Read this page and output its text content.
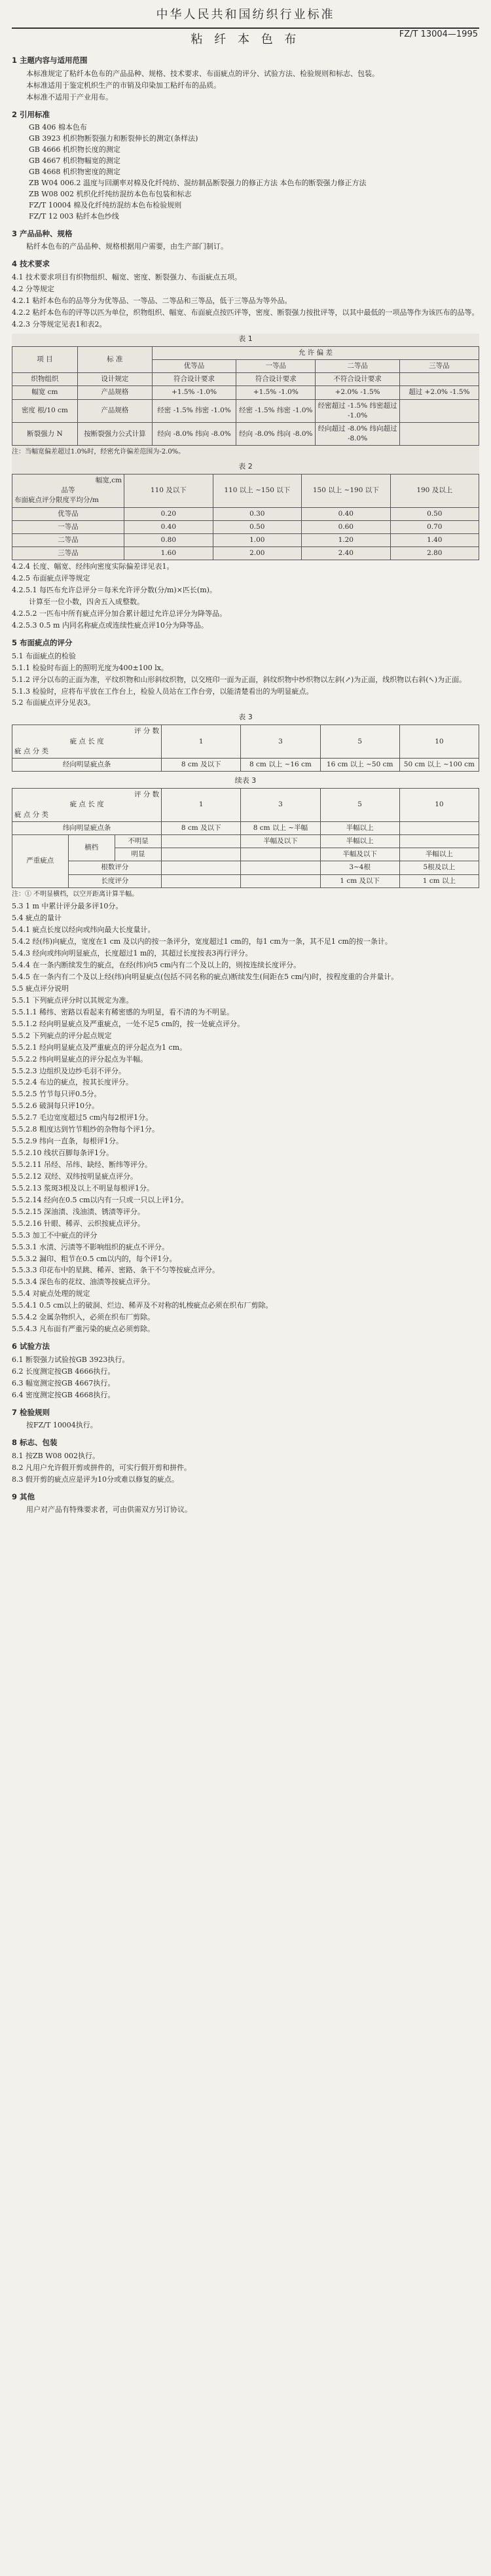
中华人民共和国纺织行业标准
FZ/T 13004—1995
粘 纤 本 色 布
1 主题内容与适用范围

本标准规定了粘纤本色布的产品品种、规格、技术要求、布面疵点的评分、试验方法、检验规则和标志、包装。

本标准适用于鉴定机织生产的市销及印染加工粘纤布的品质。

本标准不适用于产业用布。

2 引用标准
GB 406 棉本色布
GB 3923 机织物断裂强力和断裂伸长的测定(条样法)
GB 4666 机织物长度的测定
GB 4667 机织物幅宽的测定
GB 4668 机织物密度的测定
ZB W04 006.2 温度与回潮率对棉及化纤纯纺、混纺制品断裂强力的修正方法 本色布的断裂强力修正方法
ZB W08 002 机织化纤纯纺混纺本色布包装和标志
FZ/T 10004 棉及化纤纯纺混纺本色布检验规则
FZ/T 12 003 粘纤本色纱线
3 产品品种、规格

粘纤本色布的产品品种、规格根据用户需要，由生产部门制订。

4 技术要求
4.1 技术要求项目有织物组织、幅宽、密度、断裂强力、布面疵点五项。
4.2 分等规定
4.2.1 粘纤本色布的品等分为优等品、一等品、二等品和三等品，低于三等品为等外品。
4.2.2 粘纤本色布的评等以匹为单位，织物组织、幅宽、布面疵点按匹评等，密度、断裂强力按批评等，以其中最低的一项品等作为该匹布的品等。
4.2.3 分等规定见表1和表2。
表 1
项 目	标 准	允 许 偏 差			
		优等品	一等品	二等品	三等品
织物组织	设计规定	符合设计要求	符合设计要求	不符合设计要求	
幅宽 cm	产品规格	+1.5% -1.0%	+1.5% -1.0%	+2.0% -1.5%	超过 +2.0% -1.5%
密度 根/10 cm	产品规格	经密 -1.5% 纬密 -1.0%	经密 -1.5% 纬密 -1.0%	经密超过 -1.5% 纬密超过 -1.0%	
断裂强力 N	按断裂强力公式计算	经向 -8.0% 纬向 -8.0%	经向 -8.0% 纬向 -8.0%	经向超过 -8.0% 纬向超过 -8.0%	
注：当幅宽偏差超过1.0%时，经密允许偏差范围为-2.0%。
表 2
幅宽,cm
品等
布面疵点评分限度平均分/m	110 及以下	110 以上 ~150 以下	150 以上 ~190 以下	190 及以上
优等品	0.20	0.30	0.40	0.50
一等品	0.40	0.50	0.60	0.70
二等品	0.80	1.00	1.20	1.40
三等品	1.60	2.00	2.40	2.80
4.2.4 长度、幅宽、经纬向密度实际偏差详见表1。
4.2.5 布面疵点评等规定
4.2.5.1 每匹布允许总评分＝每米允许评分数(分/m)×匹长(m)。
计算至一位小数，四舍五入成整数。
4.2.5.2 一匹布中所有疵点评分加合累计超过允许总评分为降等品。
4.2.5.3 0.5 m 内同名称疵点或连续性疵点评10分为降等品。
5 布面疵点的评分
5.1 布面疵点的检验
5.1.1 检验时布面上的照明光度为400±100 lx。
5.1.2 评分以布的正面为准，平纹织物和山形斜纹织物，以交班印一面为正面，斜纹织物中纱织物以左斜(↗)为正面，线织物以右斜(↖)为正面。
5.1.3 检验时，应将布平放在工作台上，检验人员站在工作台旁，以能清楚看出的为明显疵点。
5.2 布面疵点评分见表3。
表 3
评 分 数
疵 点 长 度
疵 点 分 类	1	3	5	10
经向明显疵点条	8 cm 及以下	8 cm 以上 ~16 cm	16 cm 以上 ~50 cm	50 cm 以上 ~100 cm
续表 3
评 分 数
疵 点 长 度
疵 点 分 类			1	3	5	10
纬向明显疵点条			8 cm 及以下	8 cm 以上 ~半幅	半幅以上	
严重疵点	横档	不明显		半幅及以下	半幅以上	
		明显			半幅及以下	半幅以上
	根数评分				3~4根	5根及以上
	长度评分				1 cm 及以下	1 cm 以上
注：① 不明显横档，以空开距离计算半幅。
5.3 1 m 中累计评分最多评10分。
5.4 疵点的量计
5.4.1 疵点长度以经向或纬向最大长度量计。
5.4.2 经(纬)向疵点，宽度在1 cm 及以内的按一条评分，宽度超过1 cm的，每1 cm为一条，其不足1 cm的按一条计。
5.4.3 经向或纬向明显疵点，长度超过1 m的，其超过长度按表3再行评分。
5.4.4 在一条内断续发生的疵点，在经(纬)向5 cm内有二个及以上的，则按连续长度评分。
5.4.5 在一条内有二个及以上经(纬)向明显疵点(包括不同名称的疵点)断续发生(间距在5 cm内)时，按程度重的合并量计。
5.5 疵点评分说明
5.5.1 下列疵点评分时以其规定为准。
5.5.1.1 稀纬、密路以看起来有稀密感的为明显，看不清的为不明显。
5.5.1.2 经向明显疵点及严重疵点，一处不足5 cm的，按一处疵点评分。
5.5.2 下列疵点的评分起点规定
5.5.2.1 经向明显疵点及严重疵点的评分起点为1 cm。
5.5.2.2 纬向明显疵点的评分起点为半幅。
5.5.2.3 边组织及边纱毛羽不评分。
5.5.2.4 布边的疵点，按其长度评分。
5.5.2.5 竹节每只评0.5分。
5.5.2.6 破洞每只评10分。
5.5.2.7 毛边宽度超过5 cm内每2根评1分。
5.5.2.8 粗度达到竹节粗纱的杂物每个评1分。
5.5.2.9 纬向一直条，每根评1分。
5.5.2.10 线状百脚每条评1分。
5.5.2.11 吊经、吊纬、缺经、断纬等评分。
5.5.2.12 双经、双纬按明显疵点评分。
5.5.2.13 浆斑3根及以上不明显每根评1分。
5.5.2.14 经向在0.5 cm以内有一只或一只以上评1分。
5.5.2.15 深油渍、浅油渍、锈渍等评分。
5.5.2.16 针眼、稀弄、云织按疵点评分。
5.5.3 加工不中疵点的评分
5.5.3.1 水渍、污渍等不影响组织的疵点不评分。
5.5.3.2 漏印、粗节在0.5 cm以内的，每个评1分。
5.5.3.3 印花布中的星跳、稀弄、密路、条干不匀等按疵点评分。
5.5.3.4 深色布的花纹、油渍等按疵点评分。
5.5.4 对疵点处理的规定
5.5.4.1 0.5 cm以上的破洞、烂边、稀弄及不对称的轧梭疵点必须在织布厂剪除。
5.5.4.2 金属杂物织入，必须在织布厂剪除。
5.5.4.3 凡布面有严重污染的疵点必须剪除。
6 试验方法
6.1 断裂强力试验按GB 3923执行。
6.2 长度测定按GB 4666执行。
6.3 幅宽测定按GB 4667执行。
6.4 密度测定按GB 4668执行。
7 检验规则

按FZ/T 10004执行。

8 标志、包装
8.1 按ZB W08 002执行。
8.2 凡用户允许假开剪或拼件的，可实行假开剪和拼件。
8.3 假开剪的疵点应是评为10分或难以修复的疵点。
9 其他

用户对产品有特殊要求者，可由供需双方另订协议。
